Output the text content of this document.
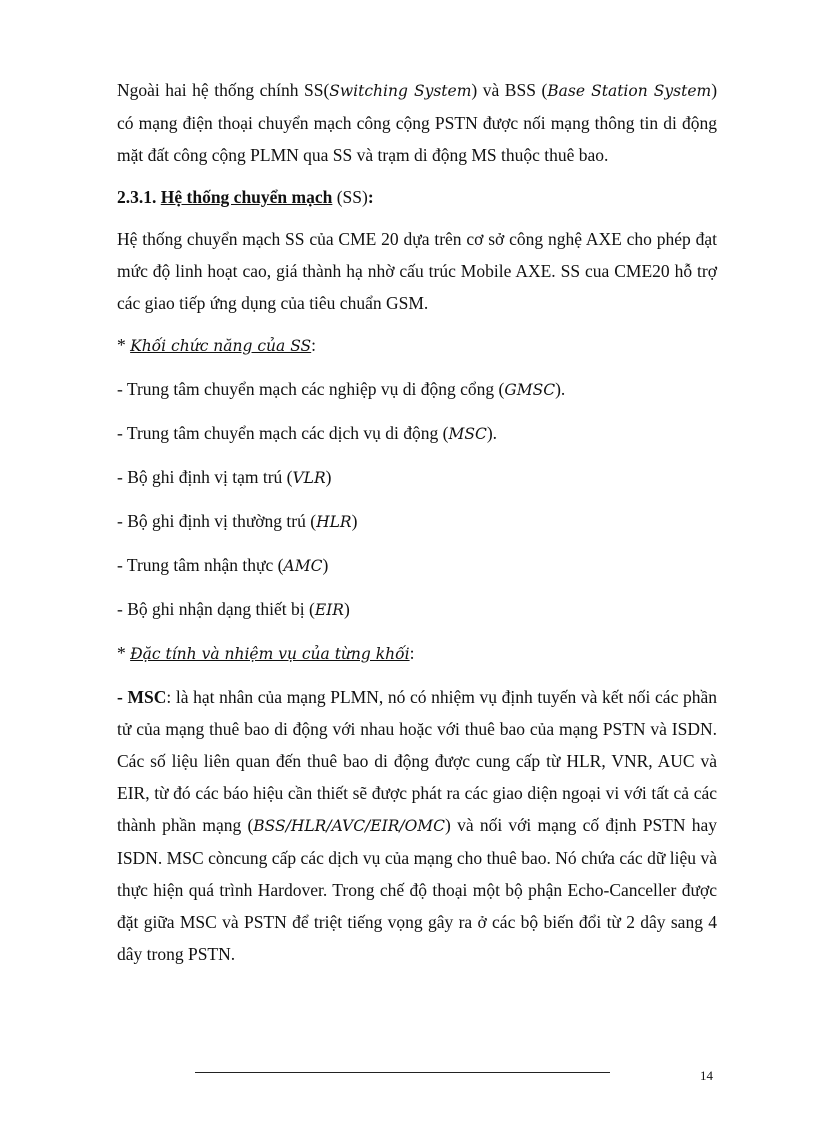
Ngoài hai hệ thống chính SS(Switching System) và BSS (Base Station System) có mạng điện thoại chuyển mạch công cộng PSTN được nối mạng thông tin di động mặt đất công cộng PLMN qua SS và trạm di động MS thuộc thuê bao.

2.3.1. Hệ thống chuyển mạch (SS):

Hệ thống chuyển mạch SS của CME 20 dựa trên cơ sở công nghệ AXE cho phép đạt mức độ linh hoạt cao, giá thành hạ nhờ cấu trúc Mobile AXE. SS cua CME20 hỗ trợ các giao tiếp ứng dụng của tiêu chuẩn GSM.

* Khối chức năng của SS:

- Trung tâm chuyển mạch các nghiệp vụ di động cổng (GMSC).

- Trung tâm chuyển mạch các dịch vụ di động (MSC).

- Bộ ghi định vị tạm trú (VLR)

- Bộ ghi định vị thường trú (HLR)

- Trung tâm nhận thực (AMC)

- Bộ ghi nhận dạng thiết bị (EIR)

* Đặc tính và nhiệm vụ của từng khối:

- MSC: là hạt nhân của mạng PLMN, nó có nhiệm vụ định tuyến và kết nối các phần tử của mạng thuê bao di động với nhau hoặc với thuê bao của mạng PSTN và ISDN. Các số liệu liên quan đến thuê bao di động được cung cấp từ HLR, VNR, AUC và EIR, từ đó các báo hiệu cần thiết sẽ được phát ra các giao diện ngoại vi với tất cả các thành phần mạng (BSS/HLR/AVC/EIR/OMC) và nối với mạng cố định PSTN hay ISDN. MSC còncung cấp các dịch vụ của mạng cho thuê bao. Nó chứa các dữ liệu và thực hiện quá trình Hardover. Trong chế độ thoại một bộ phận Echo-Canceller được đặt giữa MSC và PSTN để triệt tiếng vọng gây ra ở các bộ biến đổi từ 2 dây sang 4 dây trong PSTN.

14
